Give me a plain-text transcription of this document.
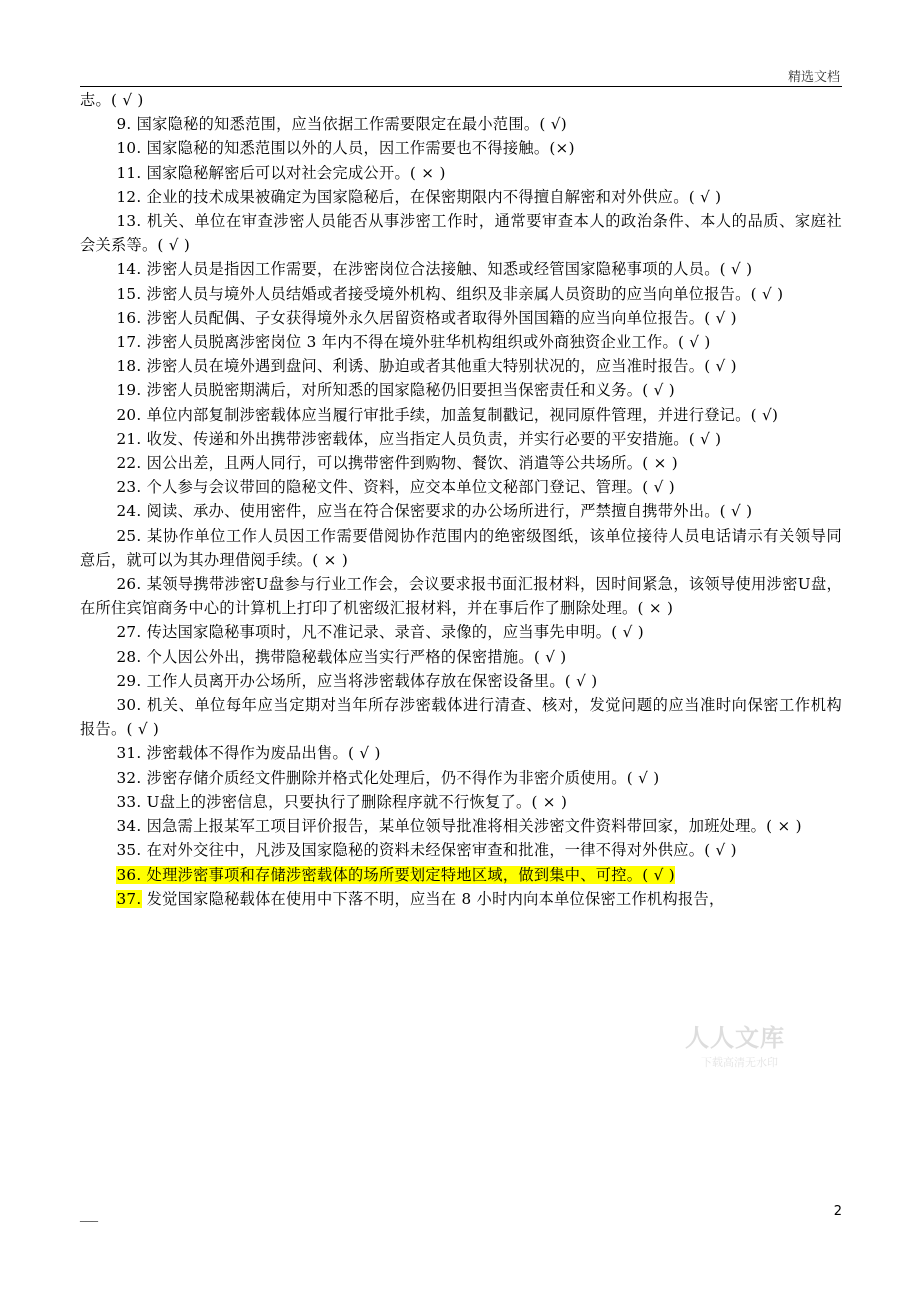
精选文档

志。( √ )

9. 国家隐秘的知悉范围，应当依据工作需要限定在最小范围。( √)

10. 国家隐秘的知悉范围以外的人员，因工作需要也不得接触。(×)

11. 国家隐秘解密后可以对社会完成公开。( × )

12. 企业的技术成果被确定为国家隐秘后，在保密期限内不得擅自解密和对外供应。( √ )

13. 机关、单位在审查涉密人员能否从事涉密工作时，通常要审查本人的政治条件、本人的品质、家庭社会关系等。( √ )

14. 涉密人员是指因工作需要，在涉密岗位合法接触、知悉或经管国家隐秘事项的人员。( √ )

15. 涉密人员与境外人员结婚或者接受境外机构、组织及非亲属人员资助的应当向单位报告。( √ )

16. 涉密人员配偶、子女获得境外永久居留资格或者取得外国国籍的应当向单位报告。( √ )

17. 涉密人员脱离涉密岗位 3 年内不得在境外驻华机构组织或外商独资企业工作。( √ )

18. 涉密人员在境外遇到盘问、利诱、胁迫或者其他重大特别状况的，应当准时报告。( √ )

19. 涉密人员脱密期满后，对所知悉的国家隐秘仍旧要担当保密责任和义务。( √ )

20. 单位内部复制涉密载体应当履行审批手续，加盖复制戳记，视同原件管理，并进行登记。( √)

21. 收发、传递和外出携带涉密载体，应当指定人员负责，并实行必要的平安措施。( √ )

22. 因公出差，且两人同行，可以携带密件到购物、餐饮、消遣等公共场所。( × )

23. 个人参与会议带回的隐秘文件、资料，应交本单位文秘部门登记、管理。( √ )

24. 阅读、承办、使用密件，应当在符合保密要求的办公场所进行，严禁擅自携带外出。( √ )

25. 某协作单位工作人员因工作需要借阅协作范围内的绝密级图纸，该单位接待人员电话请示有关领导同意后，就可以为其办理借阅手续。( × )

26. 某领导携带涉密U盘参与行业工作会，会议要求报书面汇报材料，因时间紧急，该领导使用涉密U盘，在所住宾馆商务中心的计算机上打印了机密级汇报材料，并在事后作了删除处理。( × )

27. 传达国家隐秘事项时，凡不准记录、录音、录像的，应当事先申明。( √ )

28. 个人因公外出，携带隐秘载体应当实行严格的保密措施。( √ )

29. 工作人员离开办公场所，应当将涉密载体存放在保密设备里。( √ )

30. 机关、单位每年应当定期对当年所存涉密载体进行清查、核对，发觉问题的应当准时向保密工作机构报告。( √ )

31. 涉密载体不得作为废品出售。( √ )

32. 涉密存储介质经文件删除并格式化处理后，仍不得作为非密介质使用。( √ )

33. U盘上的涉密信息，只要执行了删除程序就不行恢复了。( × )

34. 因急需上报某军工项目评价报告，某单位领导批准将相关涉密文件资料带回家，加班处理。( × )

35. 在对外交往中，凡涉及国家隐秘的资料未经保密审查和批准，一律不得对外供应。( √ )

36. 处理涉密事项和存储涉密载体的场所要划定特地区域，做到集中、可控。( √ )

37. 发觉国家隐秘载体在使用中下落不明，应当在 8 小时内向本单位保密工作机构报告，

人人文库
下载高清无水印
___	2
